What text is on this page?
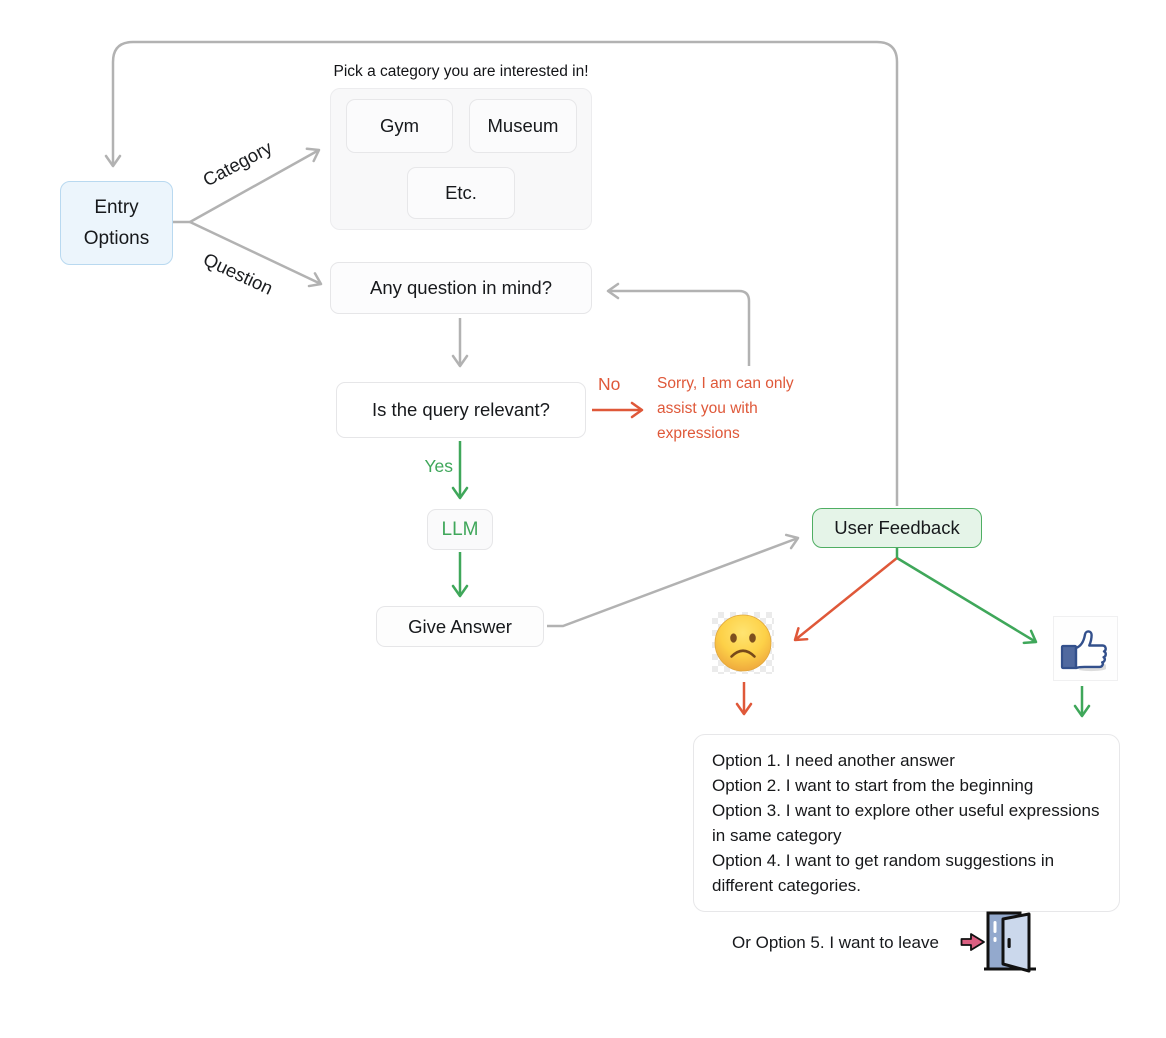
Entry
Options
Category
Question
Pick a category you are interested in!
Gym	Museum
Etc.
Any question in mind?
Is the query relevant?
No
Yes
Sorry, I am can only
assist you with
expressions
LLM
Give Answer
User Feedback

Option 1. I need another answer

Option 2. I want to start from the beginning

Option 3. I want to explore other useful expressions in same category

Option 4. I want to get random suggestions in different categories.

Or Option 5. I want to leave
